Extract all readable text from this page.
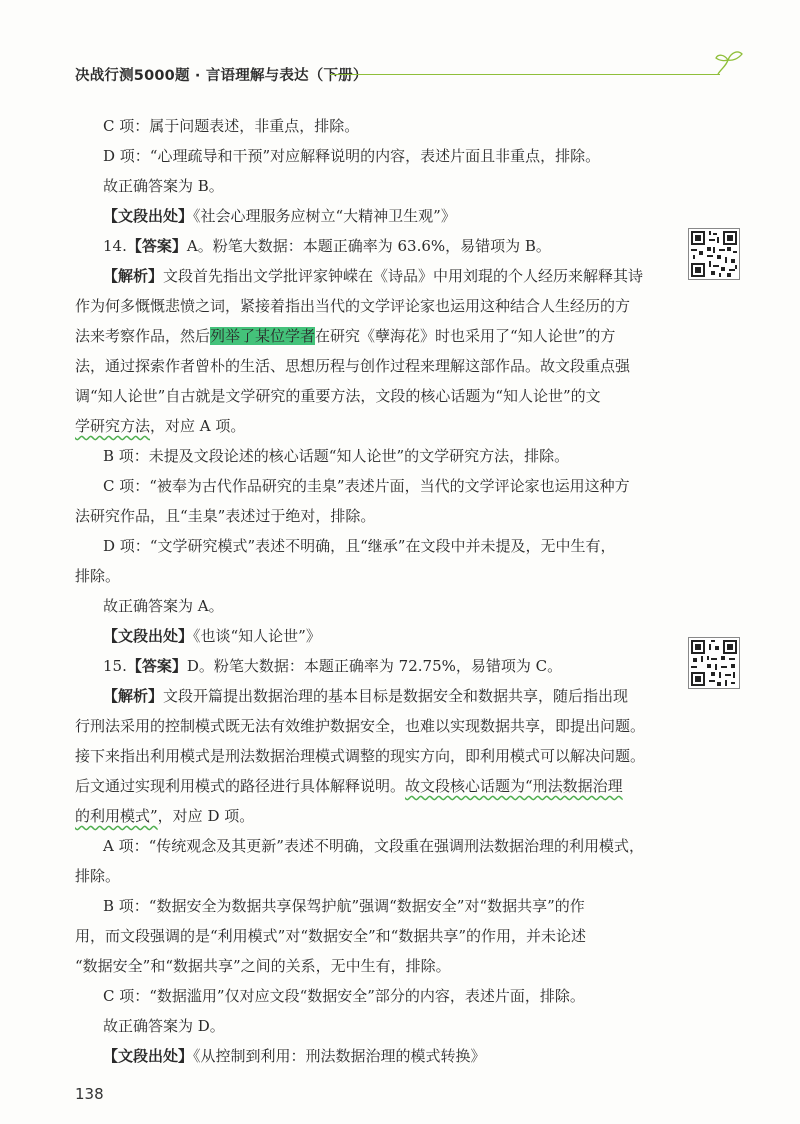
决战行测5000题 · 言语理解与表达（下册）

C 项：属于问题表述，非重点，排除。

D 项：“心理疏导和干预”对应解释说明的内容，表述片面且非重点，排除。

故正确答案为 B。

【文段出处】《社会心理服务应树立“大精神卫生观”》

14.【答案】A。粉笔大数据：本题正确率为 63.6%，易错项为 B。

【解析】文段首先指出文学批评家钟嵘在《诗品》中用刘琨的个人经历来解释其诗

作为何多慨慨悲愤之词，紧接着指出当代的文学评论家也运用这种结合人生经历的方

法来考察作品，然后列举了某位学者在研究《孽海花》时也采用了“知人论世”的方

法，通过探索作者曾朴的生活、思想历程与创作过程来理解这部作品。故文段重点强

调“知人论世”自古就是文学研究的重要方法，文段的核心话题为“知人论世”的文

学研究方法，对应 A 项。

B 项：未提及文段论述的核心话题“知人论世”的文学研究方法，排除。

C 项：“被奉为古代作品研究的圭臬”表述片面，当代的文学评论家也运用这种方

法研究作品，且“圭臬”表述过于绝对，排除。

D 项：“文学研究模式”表述不明确，且“继承”在文段中并未提及，无中生有，

排除。

故正确答案为 A。

【文段出处】《也谈“知人论世”》

15.【答案】D。粉笔大数据：本题正确率为 72.75%，易错项为 C。

【解析】文段开篇提出数据治理的基本目标是数据安全和数据共享，随后指出现

行刑法采用的控制模式既无法有效维护数据安全，也难以实现数据共享，即提出问题。

接下来指出利用模式是刑法数据治理模式调整的现实方向，即利用模式可以解决问题。

后文通过实现利用模式的路径进行具体解释说明。故文段核心话题为“刑法数据治理

的利用模式”，对应 D 项。

A 项：“传统观念及其更新”表述不明确，文段重在强调刑法数据治理的利用模式，

排除。

B 项：“数据安全为数据共享保驾护航”强调“数据安全”对“数据共享”的作

用，而文段强调的是“利用模式”对“数据安全”和“数据共享”的作用，并未论述

“数据安全”和“数据共享”之间的关系，无中生有，排除。

C 项：“数据滥用”仅对应文段“数据安全”部分的内容，表述片面，排除。

故正确答案为 D。

【文段出处】《从控制到利用：刑法数据治理的模式转换》

138
